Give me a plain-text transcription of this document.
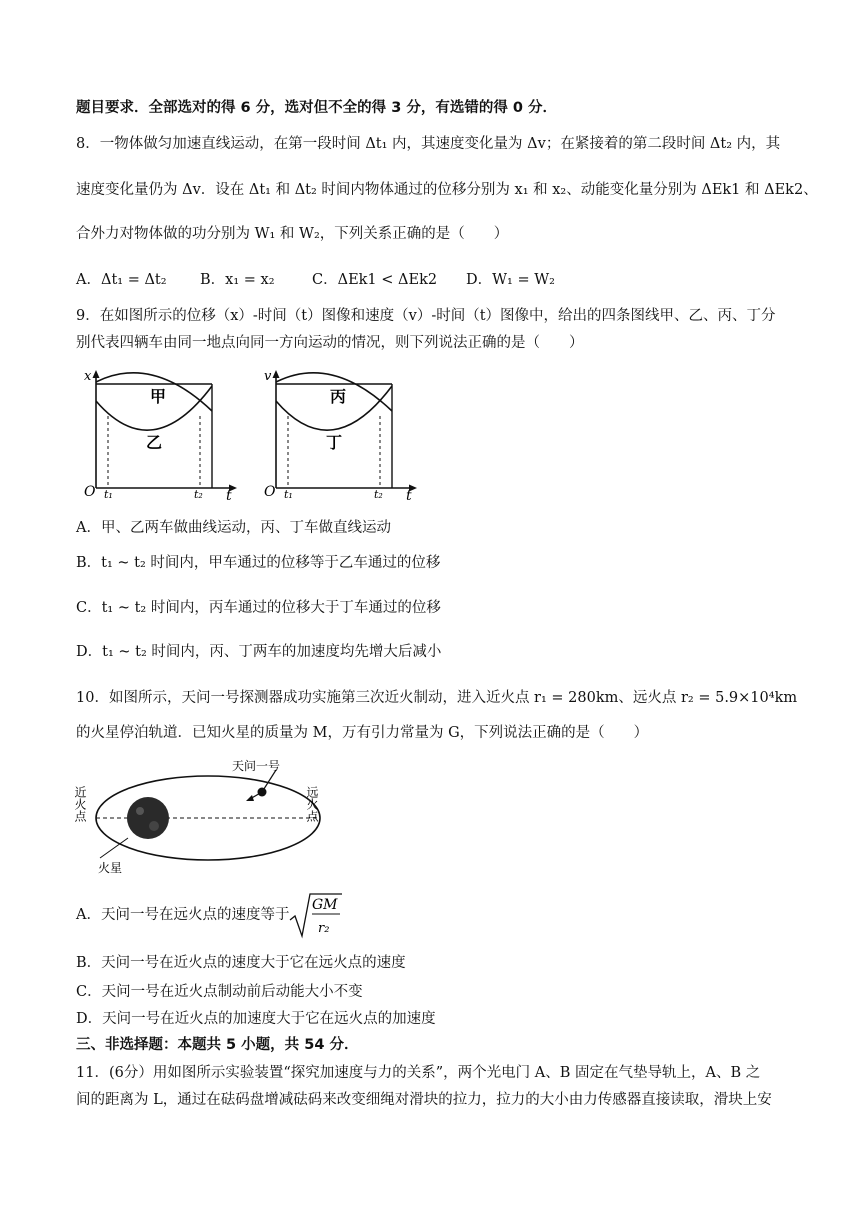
题目要求．全部选对的得 6 分，选对但不全的得 3 分，有选错的得 0 分．
8．一物体做匀加速直线运动，在第一段时间 Δt₁ 内，其速度变化量为 Δv；在紧接着的第二段时间 Δt₂ 内，其
速度变化量仍为 Δv．设在 Δt₁ 和 Δt₂ 时间内物体通过的位移分别为 x₁ 和 x₂、动能变化量分别为 ΔEk1 和 ΔEk2、
合外力对物体做的功分别为 W₁ 和 W₂，下列关系正确的是（　　）
A．Δt₁ = Δt₂ B．x₁ = x₂	C．ΔEk1 < ΔEk2 D．W₁ = W₂
9．在如图所示的位移（x）-时间（t）图像和速度（v）-时间（t）图像中，给出的四条图线甲、乙、丙、丁分
别代表四辆车由同一地点向同一方向运动的情况，则下列说法正确的是（　　）
x
O t₁	t₂ t
甲
乙
v
O t₁	t₂ t
丙
丁
A．甲、乙两车做曲线运动，丙、丁车做直线运动
B．t₁ ~ t₂ 时间内，甲车通过的位移等于乙车通过的位移
C．t₁ ~ t₂ 时间内，丙车通过的位移大于丁车通过的位移
D．t₁ ~ t₂ 时间内，丙、丁两车的加速度均先增大后减小
10．如图所示，天问一号探测器成功实施第三次近火制动，进入近火点 r₁ = 280km、远火点 r₂ = 5.9×10⁴km
的火星停泊轨道．已知火星的质量为 M，万有引力常量为 G，下列说法正确的是（　　）
天问一号
近火点	远火点
火星
A．天问一号在远火点的速度等于
GM
r₂
B．天问一号在近火点的速度大于它在远火点的速度
C．天问一号在近火点制动前后动能大小不变
D．天问一号在近火点的加速度大于它在远火点的加速度
三、非选择题：本题共 5 小题，共 54 分．
11．(6分）用如图所示实验装置“探究加速度与力的关系”，两个光电门 A、B 固定在气垫导轨上，A、B 之
间的距离为 L，通过在砝码盘增减砝码来改变细绳对滑块的拉力，拉力的大小由力传感器直接读取，滑块上安
